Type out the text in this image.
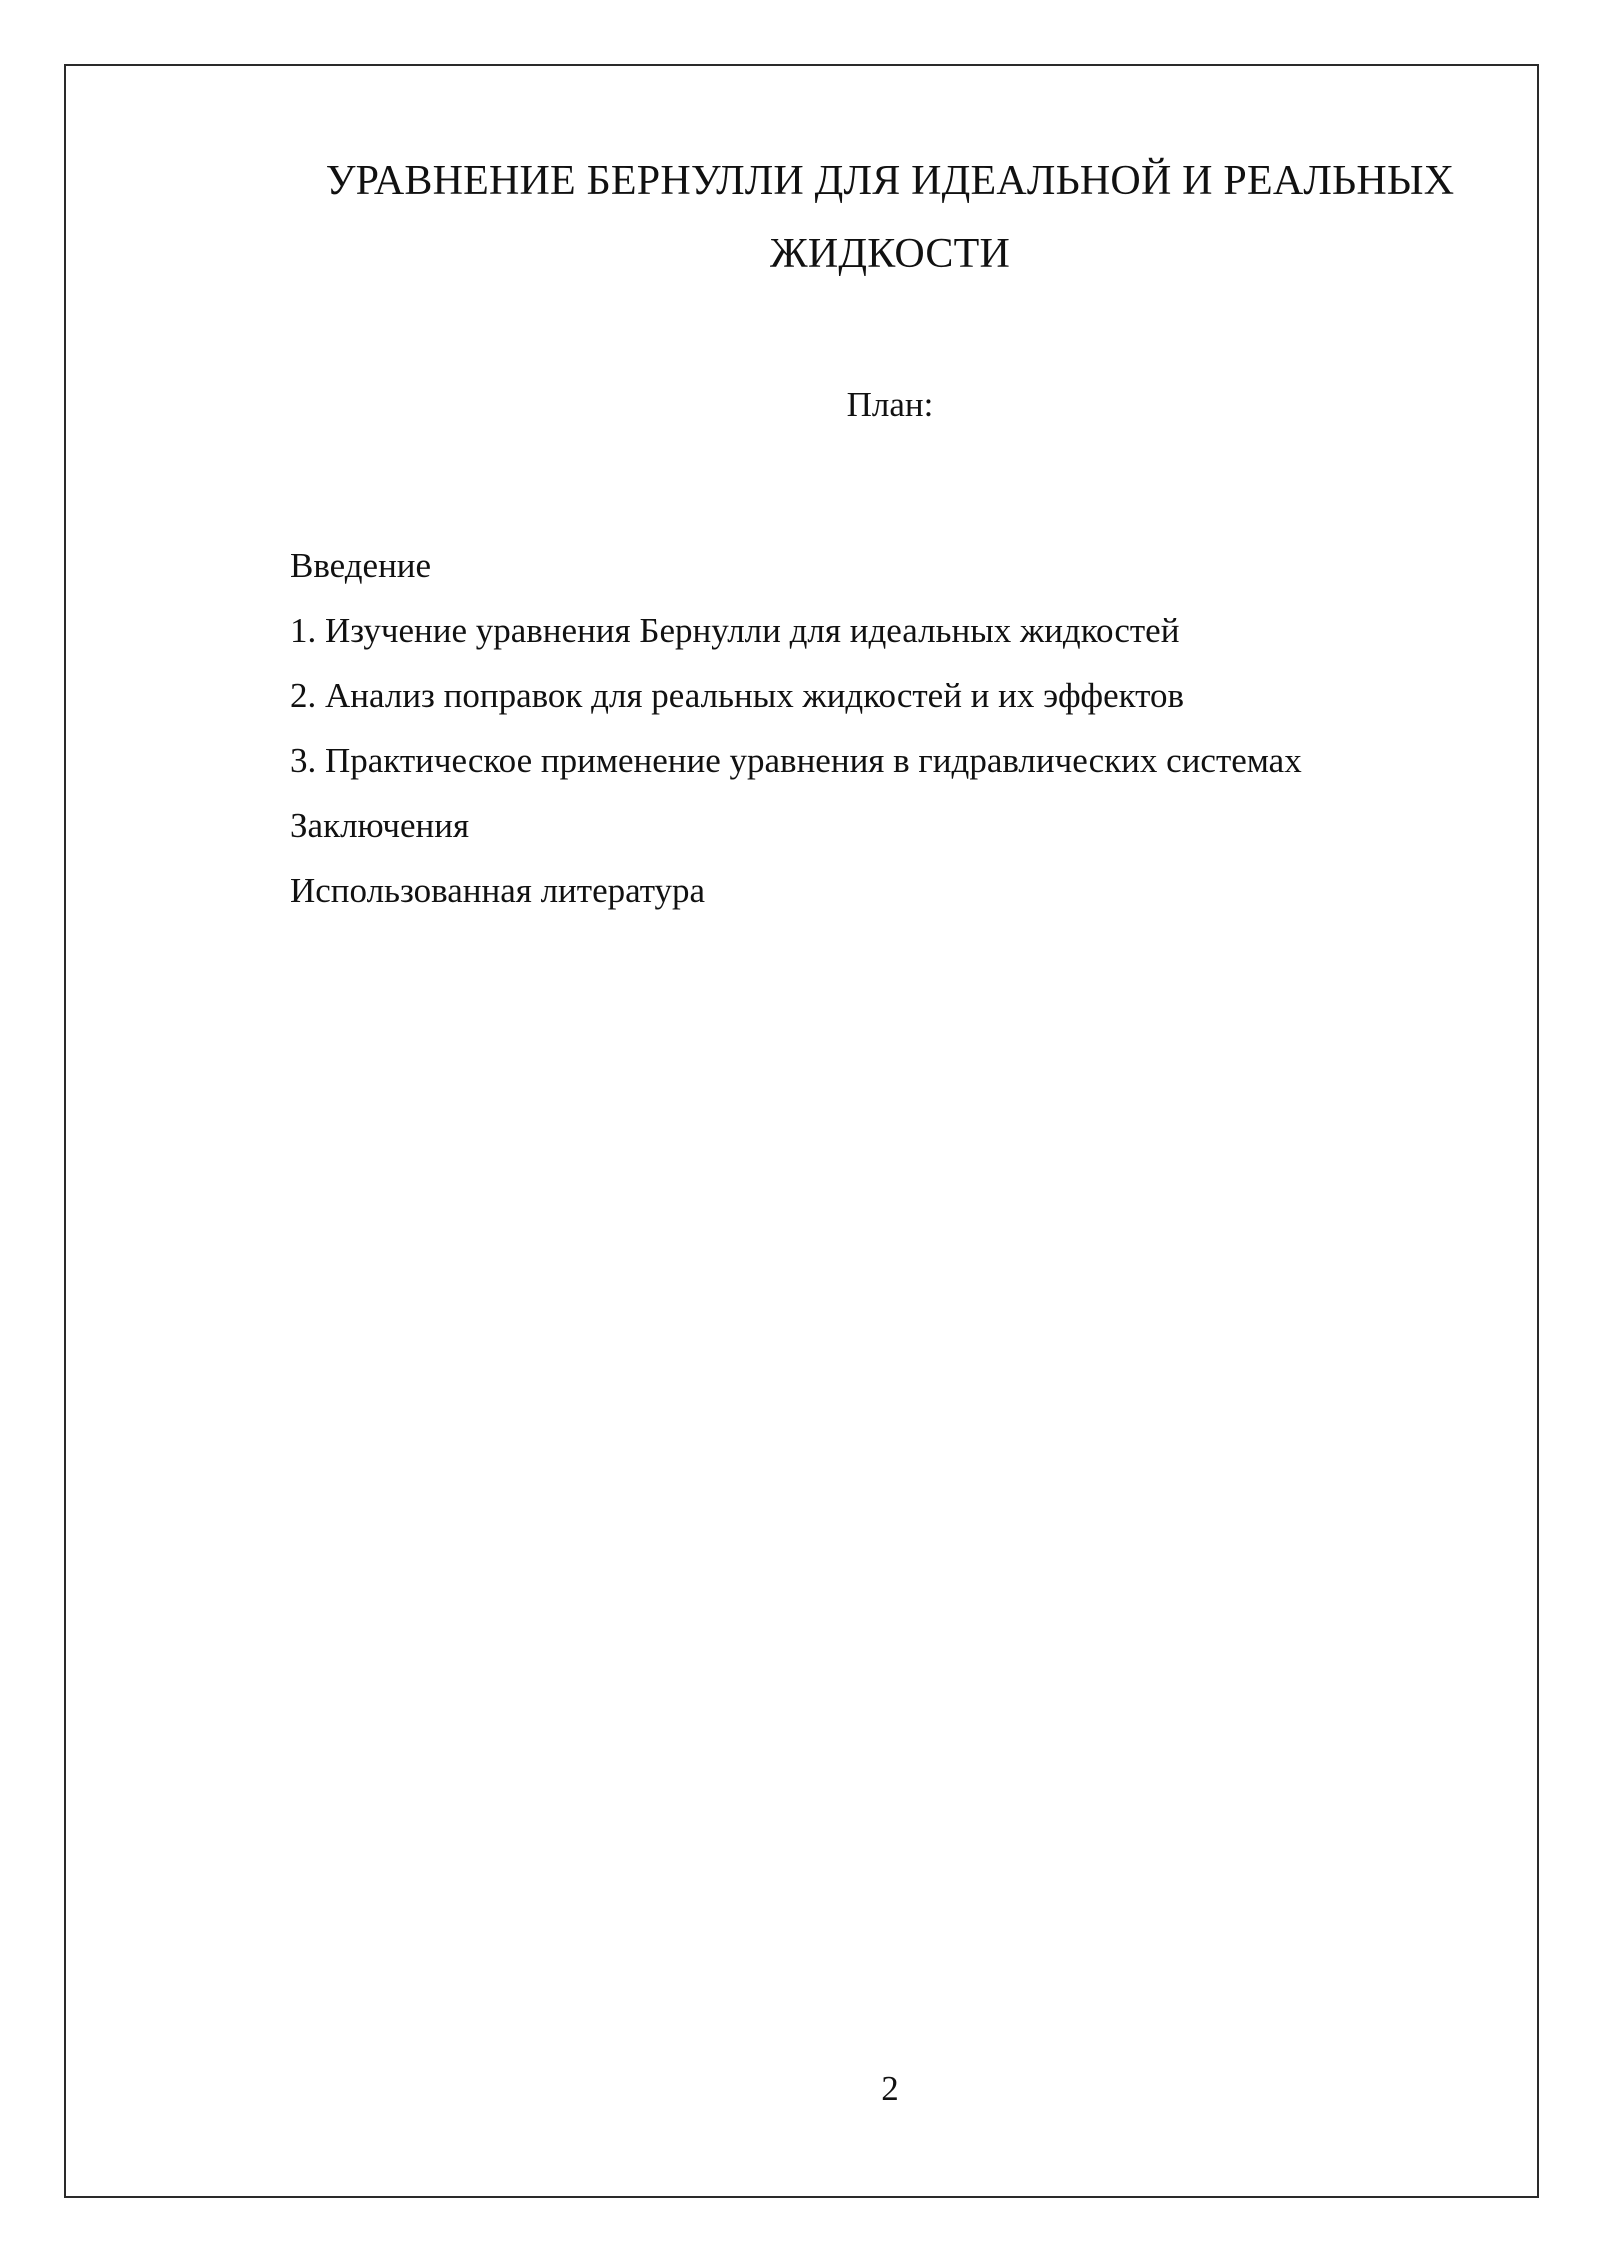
УРАВНЕНИЕ БЕРНУЛЛИ ДЛЯ ИДЕАЛЬНОЙ И РЕАЛЬНЫХ
ЖИДКОСТИ
План:
Введение
1. Изучение уравнения Бернулли для идеальных жидкостей
2. Анализ поправок для реальных жидкостей и их эффектов
3. Практическое применение уравнения в гидравлических системах
Заключения
Использованная литература
2
